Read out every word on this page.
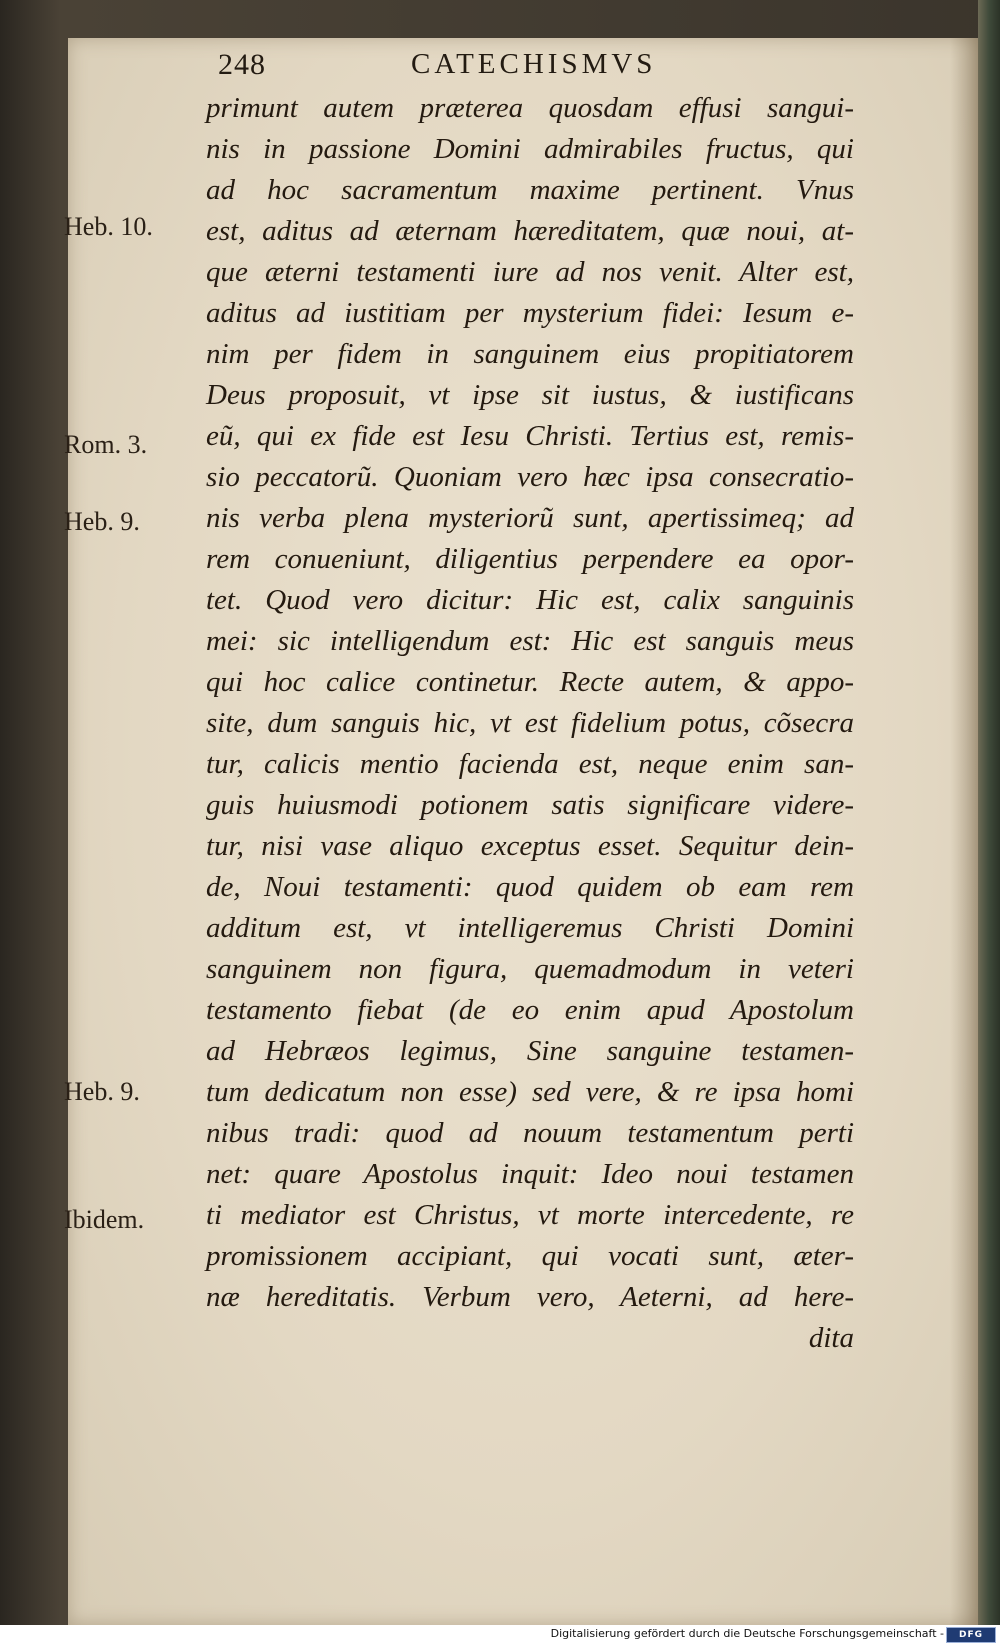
248	CATECHISMVS
primunt autem præterea quosdam effusi sangui-
nis in passione Domini admirabiles fructus, qui
ad hoc sacramentum maxime pertinent. Vnus
est, aditus ad æternam hæreditatem, quæ noui, at-
que æterni testamenti iure ad nos venit. Alter est,
aditus ad iustitiam per mysterium fidei: Iesum e-
nim per fidem in sanguinem eius propitiatorem
Deus proposuit, vt ipse sit iustus, & iustificans
eũ, qui ex fide est Iesu Christi. Tertius est, remis-
sio peccatorũ. Quoniam vero hæc ipsa consecratio-
nis verba plena mysteriorũ sunt, apertissimeq; ad
rem conueniunt, diligentius perpendere ea opor-
tet. Quod vero dicitur: Hic est, calix sanguinis
mei: sic intelligendum est: Hic est sanguis meus
qui hoc calice continetur. Recte autem, & appo-
site, dum sanguis hic, vt est fidelium potus, cõsecra
tur, calicis mentio facienda est, neque enim san-
guis huiusmodi potionem satis significare videre-
tur, nisi vase aliquo exceptus esset. Sequitur dein-
de, Noui testamenti: quod quidem ob eam rem
additum est, vt intelligeremus Christi Domini
sanguinem non figura, quemadmodum in veteri
testamento fiebat (de eo enim apud Apostolum
ad Hebræos legimus, Sine sanguine testamen-
tum dedicatum non esse) sed vere, & re ipsa homi
nibus tradi: quod ad nouum testamentum perti
net: quare Apostolus inquit: Ideo noui testamen
ti mediator est Christus, vt morte intercedente, re
promissionem accipiant, qui vocati sunt, æter-
næ hereditatis. Verbum vero, Aeterni, ad here-
dita
Heb. 10.
Rom. 3.
Heb. 9.
Heb. 9.
Ibidem.
Digitalisierung gefördert durch die Deutsche Forschungsgemeinschaft -	DFG
